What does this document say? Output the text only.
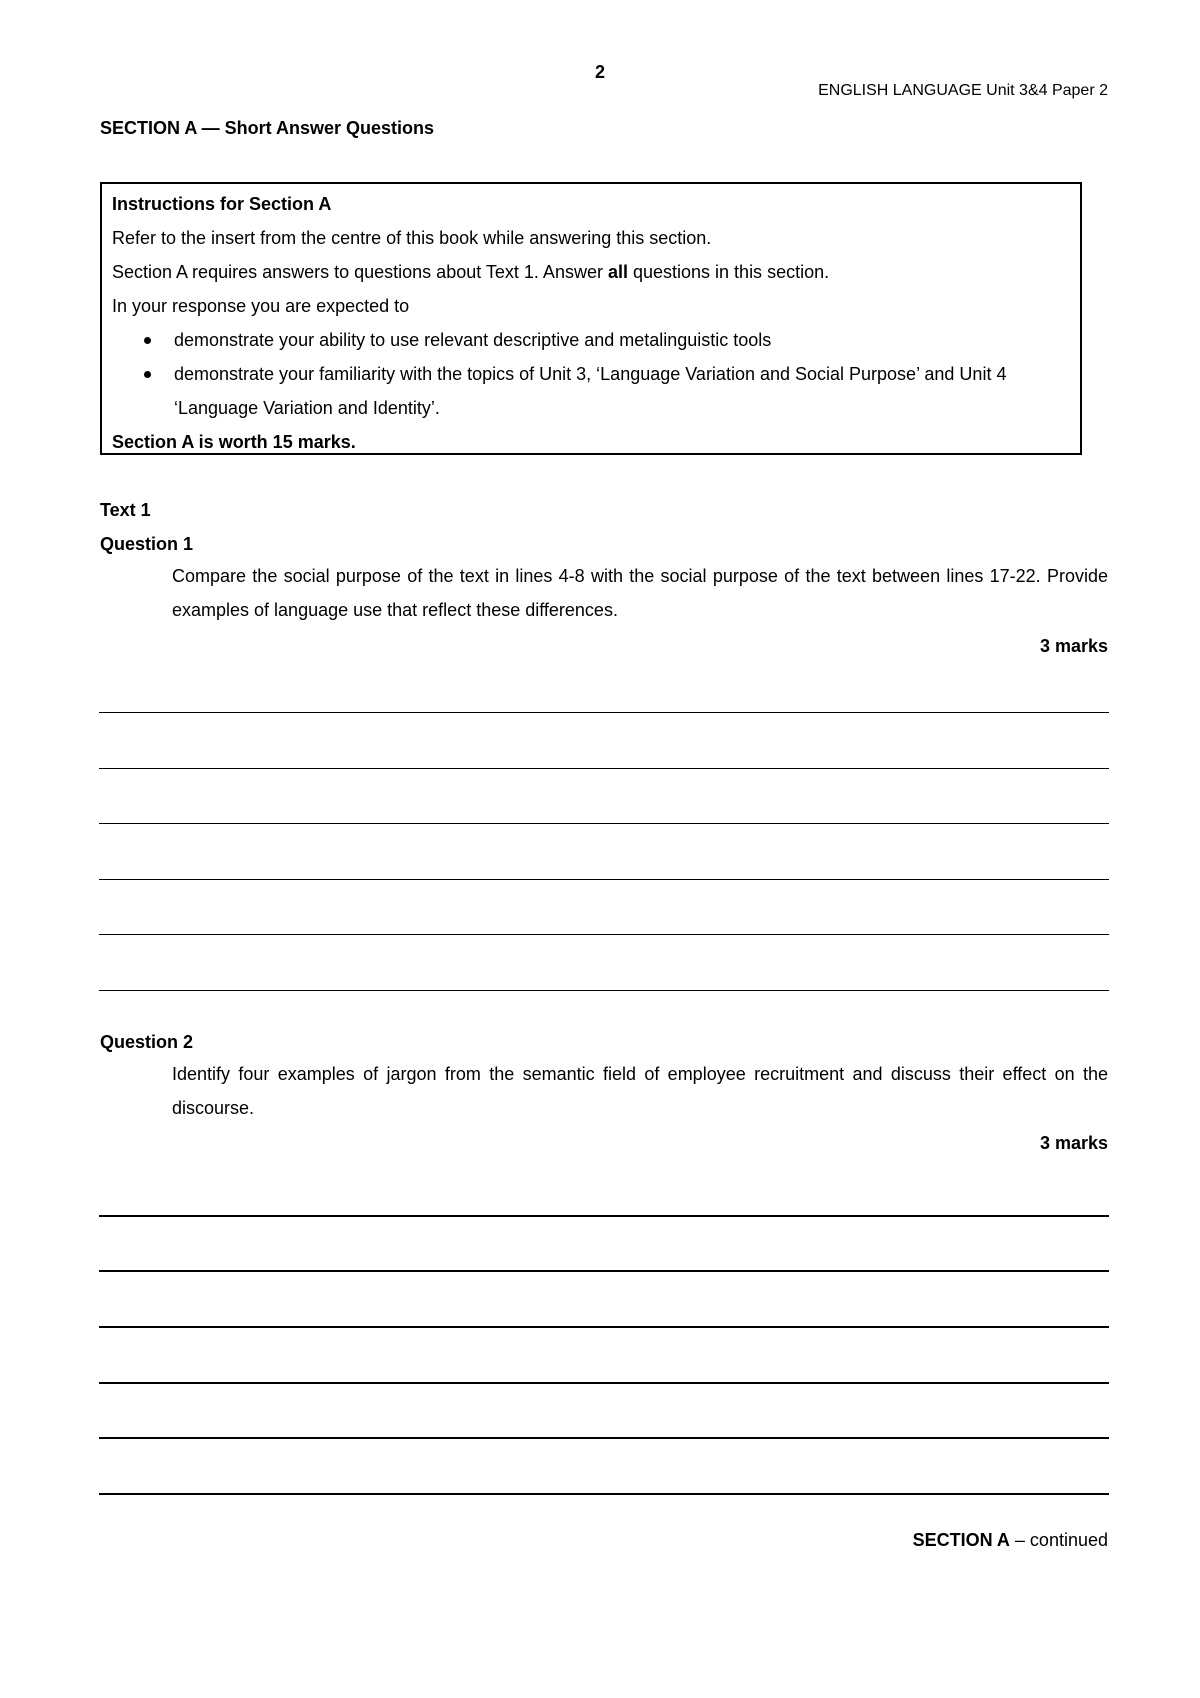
2
ENGLISH LANGUAGE Unit 3&4 Paper 2
SECTION A — Short Answer Questions
Instructions for Section A
Refer to the insert from the centre of this book while answering this section.
Section A requires answers to questions about Text 1. Answer all questions in this section.
In your response you are expected to
demonstrate your ability to use relevant descriptive and metalinguistic tools
demonstrate your familiarity with the topics of Unit 3, ‘Language Variation and Social Purpose’ and Unit 4 ‘Language Variation and Identity’.
Section A is worth 15 marks.
Text 1
Question 1
Compare the social purpose of the text in lines 4-8 with the social purpose of the text between lines 17-22. Provide examples of language use that reflect these differences.
3 marks
Question 2
Identify four examples of jargon from the semantic field of employee recruitment and discuss their effect on the discourse.
3 marks
SECTION A – continued
